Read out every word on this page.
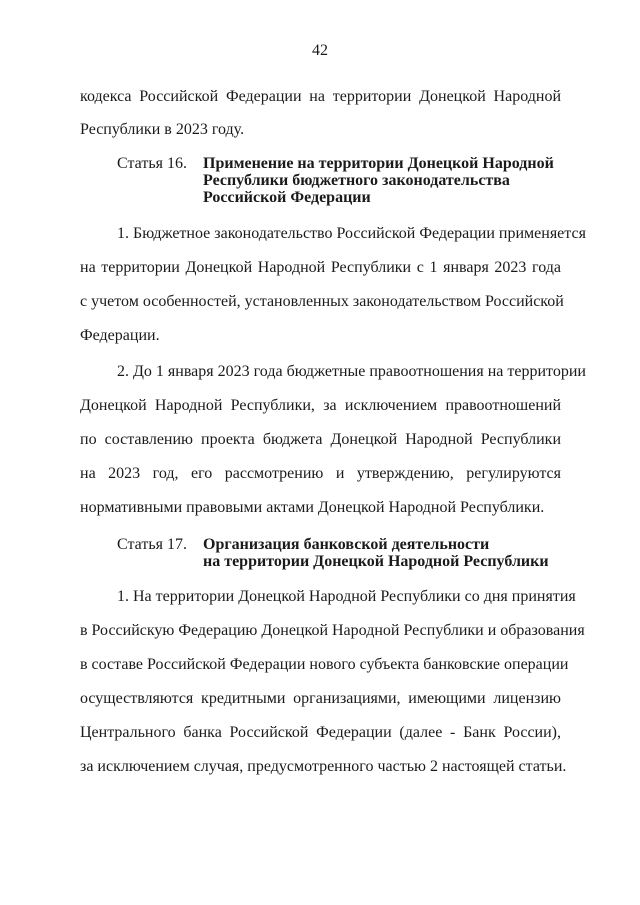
42
кодекса Российской Федерации на территории Донецкой Народной
Республики в 2023 году.
Статья 16. Применение на территории Донецкой Народной
Республики бюджетного законодательства
Российской Федерации
1. Бюджетное законодательство Российской Федерации применяется
на территории Донецкой Народной Республики с 1 января 2023 года
с учетом особенностей, установленных законодательством Российской
Федерации.
2. До 1 января 2023 года бюджетные правоотношения на территории
Донецкой Народной Республики, за исключением правоотношений
по составлению проекта бюджета Донецкой Народной Республики
на 2023 год, его рассмотрению и утверждению, регулируются
нормативными правовыми актами Донецкой Народной Республики.
Статья 17. Организация банковской деятельности
на территории Донецкой Народной Республики
1. На территории Донецкой Народной Республики со дня принятия
в Российскую Федерацию Донецкой Народной Республики и образования
в составе Российской Федерации нового субъекта банковские операции
осуществляются кредитными организациями, имеющими лицензию
Центрального банка Российской Федерации (далее - Банк России),
за исключением случая, предусмотренного частью 2 настоящей статьи.
